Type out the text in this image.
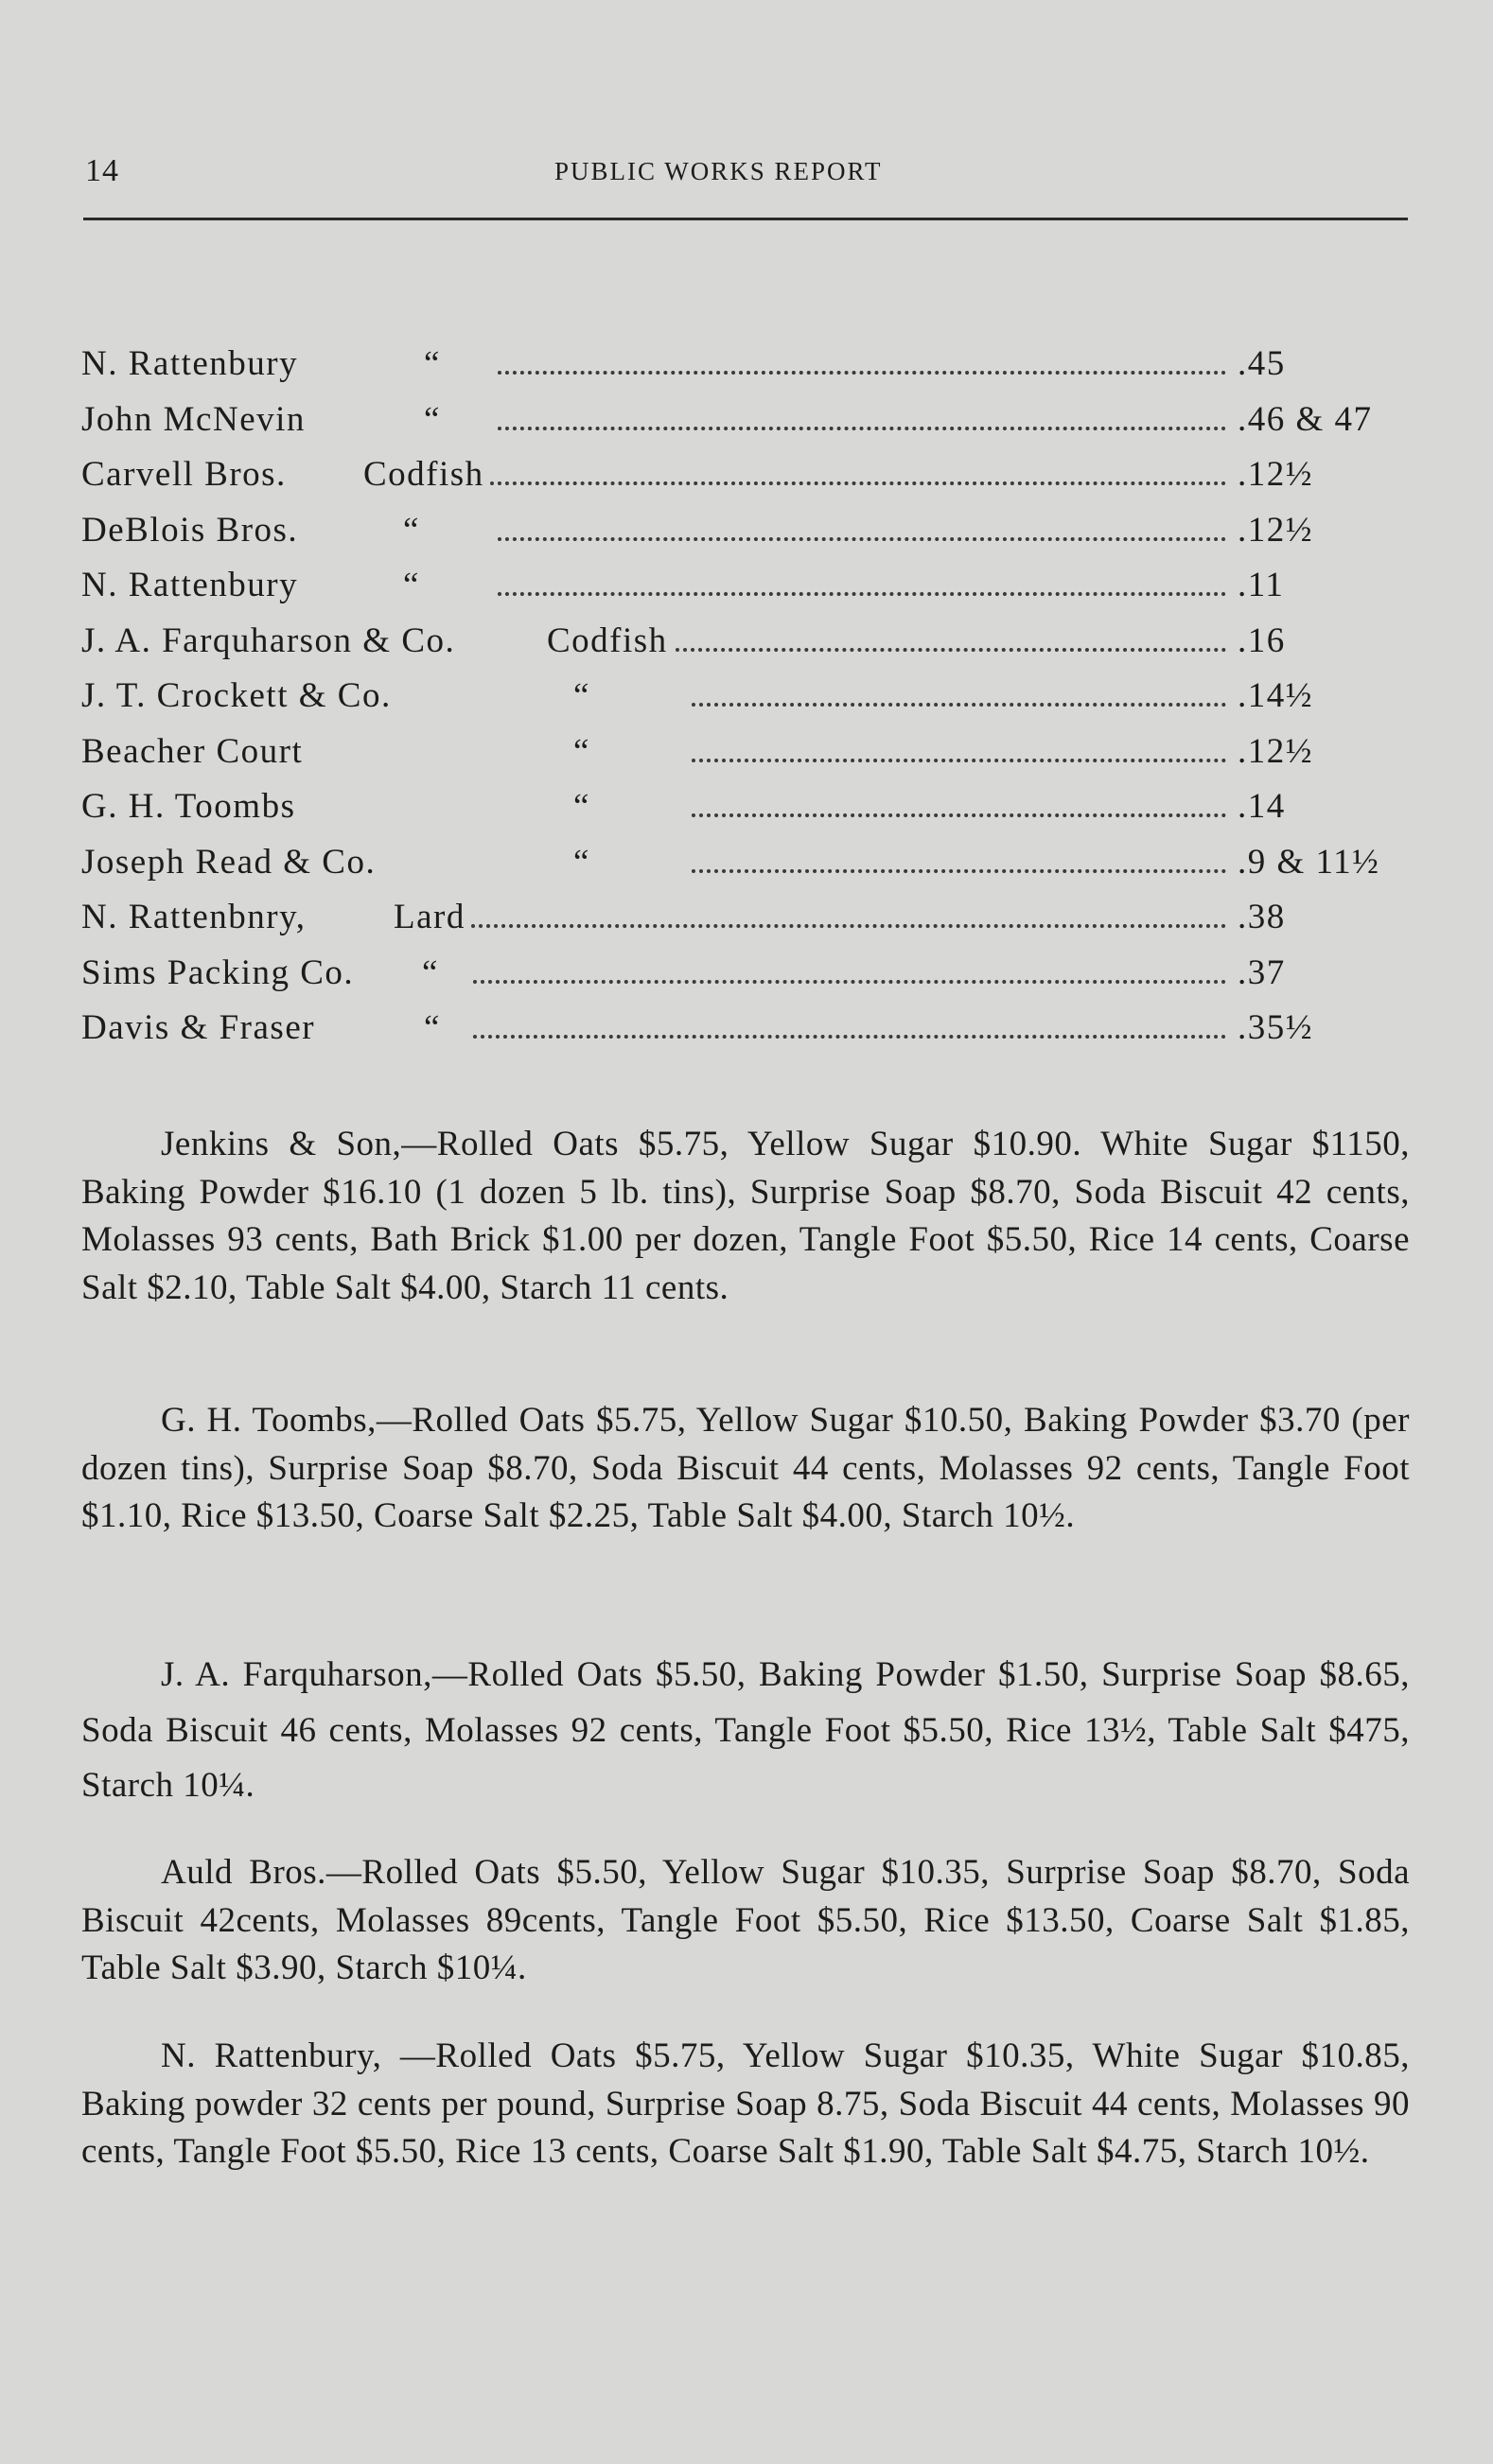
14	PUBLIC WORKS REPORT
N. Rattenbury	“	.45
John McNevin	“	.46 & 47
Carvell Bros. Codfish	.12½
DeBlois Bros.	“	.12½
N. Rattenbury	“	.11
J. A. Farquharson & Co.	Codfish	.16
J. T. Crockett & Co.	“	.14½
Beacher Court	“	.12½
G. H. Toombs	“	.14
Joseph Read & Co.	“	.9 & 11½
N. Rattenbnry,	Lard	.38
Sims Packing Co. “	.37
Davis & Fraser	“	.35½

Jenkins & Son,—Rolled Oats $5.75, Yellow Sugar $10.90. White Sugar $1150, Baking Powder $16.10 (1 dozen 5 lb. tins), Surprise Soap $8.70, Soda Biscuit 42 cents, Molasses 93 cents, Bath Brick $1.00 per dozen, Tangle Foot $5.50, Rice 14 cents, Coarse Salt $2.10, Table Salt $4.00, Starch 11 cents.

G. H. Toombs,—Rolled Oats $5.75, Yellow Sugar $10.50, Baking Powder $3.70 (per dozen tins), Surprise Soap $8.70, Soda Biscuit 44 cents, Molasses 92 cents, Tangle Foot $1.10, Rice $13.50, Coarse Salt $2.25, Table Salt $4.00, Starch 10½.

J. A. Farquharson,—Rolled Oats $5.50, Baking Powder $1.50, Surprise Soap $8.65, Soda Biscuit 46 cents, Molasses 92 cents, Tangle Foot $5.50, Rice 13½, Table Salt $475, Starch 10¼.

Auld Bros.—Rolled Oats $5.50, Yellow Sugar $10.35, Surprise Soap $8.70, Soda Biscuit 42cents, Molasses 89cents, Tangle Foot $5.50, Rice $13.50, Coarse Salt $1.85, Table Salt $3.90, Starch $10¼.

N. Rattenbury, —Rolled Oats $5.75, Yellow Sugar $10.35, White Sugar $10.85, Baking powder 32 cents per pound, Surprise Soap 8.75, Soda Biscuit 44 cents, Molasses 90 cents, Tangle Foot $5.50, Rice 13 cents, Coarse Salt $1.90, Table Salt $4.75, Starch 10½.
